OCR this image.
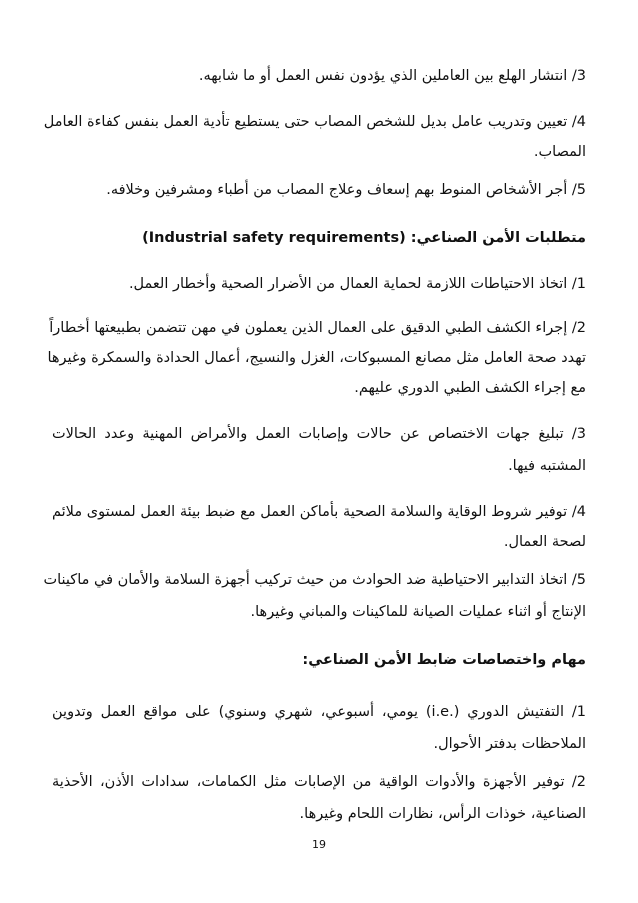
3/ انتشار الهلع بين العاملين الذي يؤدون نفس العمل أو ما شابهه.
4/ تعيين وتدريب عامل بديل للشخص المصاب حتى يستطيع تأدية العمل بنفس كفاءة العامل
المصاب.
5/ أجر الأشخاص المنوط بهم إسعاف وعلاج المصاب من أطباء ومشرفين وخلافه.
متطلبات الأمن الصناعي: (Industrial safety requirements)
1/ اتخاذ الاحتياطات اللازمة لحماية العمال من الأضرار الصحية وأخطار العمل.
2/ إجراء الكشف الطبي الدقيق على العمال الذين يعملون في مهن تتضمن بطبيعتها أخطاراً
تهدد صحة العامل مثل مصانع المسبوكات، الغزل والنسيج، أعمال الحدادة والسمكرة وغيرها
مع إجراء الكشف الطبي الدوري عليهم.
3/ تبليغ جهات الاختصاص عن حالات وإصابات العمل والأمراض المهنية وعدد الحالات
المشتبه فيها.
4/ توفير شروط الوقاية والسلامة الصحية بأماكن العمل مع ضبط بيئة العمل لمستوى ملائم
لصحة العمال.
5/ اتخاذ التدابير الاحتياطية ضد الحوادث من حيث تركيب أجهزة السلامة والأمان في ماكينات
الإنتاج أو اثناء عمليات الصيانة للماكينات والمباني وغيرها.
مهام واختصاصات ضابط الأمن الصناعي:
1/ التفتيش الدوري (i.e.) يومي، أسبوعي، شهري وسنوي) على مواقع العمل وتدوين
الملاحظات بدفتر الأحوال.
2/ توفير الأجهزة والأدوات الواقية من الإصابات مثل الكمامات، سدادات الأذن، الأحذية
الصناعية، خوذات الرأس، نظارات اللحام وغيرها.
19
